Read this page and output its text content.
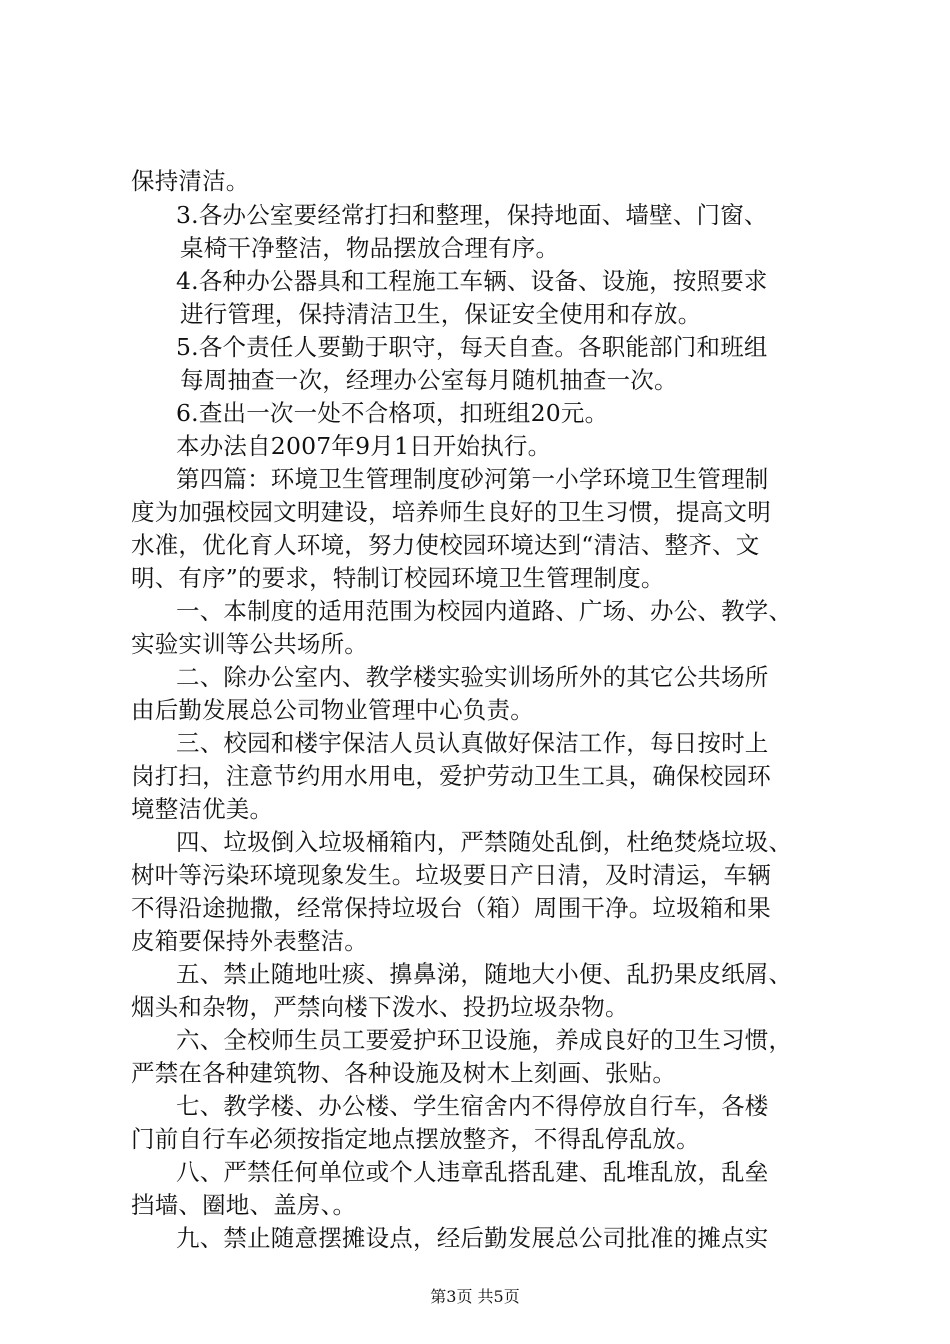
保持清洁。
3.各办公室要经常打扫和整理，保持地面、墙壁、门窗、
桌椅干净整洁，物品摆放合理有序。
4.各种办公器具和工程施工车辆、设备、设施，按照要求
进行管理，保持清洁卫生，保证安全使用和存放。
5.各个责任人要勤于职守，每天自查。各职能部门和班组
每周抽查一次，经理办公室每月随机抽查一次。
6.查出一次一处不合格项，扣班组20元。
本办法自2007年9月1日开始执行。
第四篇：环境卫生管理制度砂河第一小学环境卫生管理制
度为加强校园文明建设，培养师生良好的卫生习惯，提高文明
水准，优化育人环境，努力使校园环境达到“清洁、整齐、文
明、有序”的要求，特制订校园环境卫生管理制度。
一、本制度的适用范围为校园内道路、广场、办公、教学、
实验实训等公共场所。
二、除办公室内、教学楼实验实训场所外的其它公共场所
由后勤发展总公司物业管理中心负责。
三、校园和楼宇保洁人员认真做好保洁工作，每日按时上
岗打扫，注意节约用水用电，爱护劳动卫生工具，确保校园环
境整洁优美。
四、垃圾倒入垃圾桶箱内，严禁随处乱倒，杜绝焚烧垃圾、
树叶等污染环境现象发生。垃圾要日产日清，及时清运，车辆
不得沿途抛撒，经常保持垃圾台（箱）周围干净。垃圾箱和果
皮箱要保持外表整洁。
五、禁止随地吐痰、擤鼻涕，随地大小便、乱扔果皮纸屑、
烟头和杂物，严禁向楼下泼水、投扔垃圾杂物。
六、全校师生员工要爱护环卫设施，养成良好的卫生习惯，
严禁在各种建筑物、各种设施及树木上刻画、张贴。
七、教学楼、办公楼、学生宿舍内不得停放自行车，各楼
门前自行车必须按指定地点摆放整齐，不得乱停乱放。
八、严禁任何单位或个人违章乱搭乱建、乱堆乱放，乱垒
挡墙、圈地、盖房、。
九、禁止随意摆摊设点，经后勤发展总公司批准的摊点实
第3页 共5页
